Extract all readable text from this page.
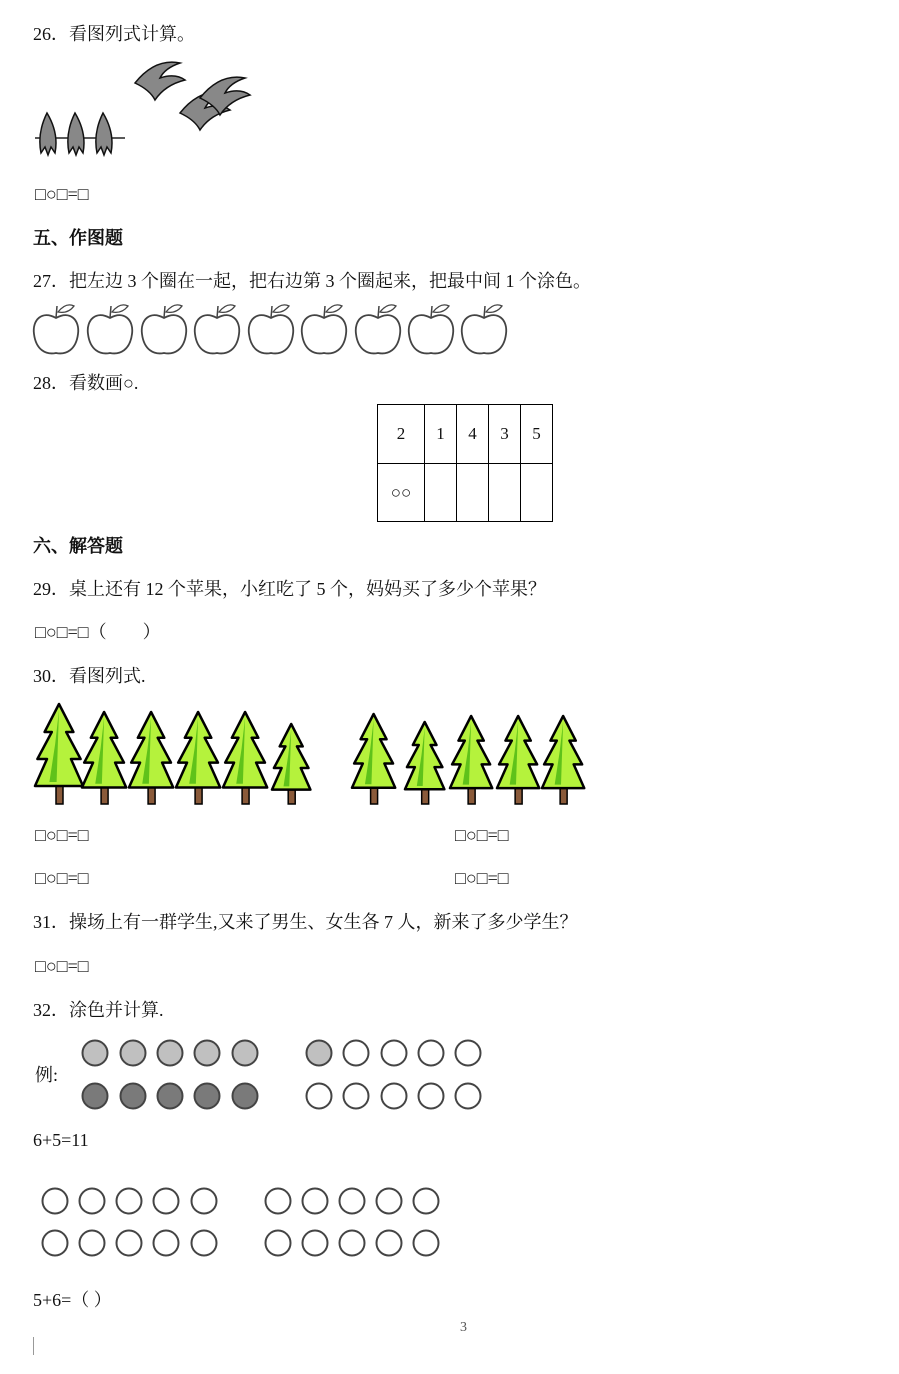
26．看图列式计算。
□○□=□
五、作图题
27．把左边 3 个圈在一起，把右边第 3 个圈起来，把最中间 1 个涂色。
28．看数画○.
2	1	4	3	5
○○				
六、解答题
29．桌上还有 12 个苹果，小红吃了 5 个，妈妈买了多少个苹果？
□○□=□（　　）
30．看图列式.
□○□=□	□○□=□
□○□=□	□○□=□
31．操场上有一群学生,又来了男生、女生各 7 人，新来了多少学生？
□○□=□
32．涂色并计算.
例:
6+5=11
5+6=（ ）
3
